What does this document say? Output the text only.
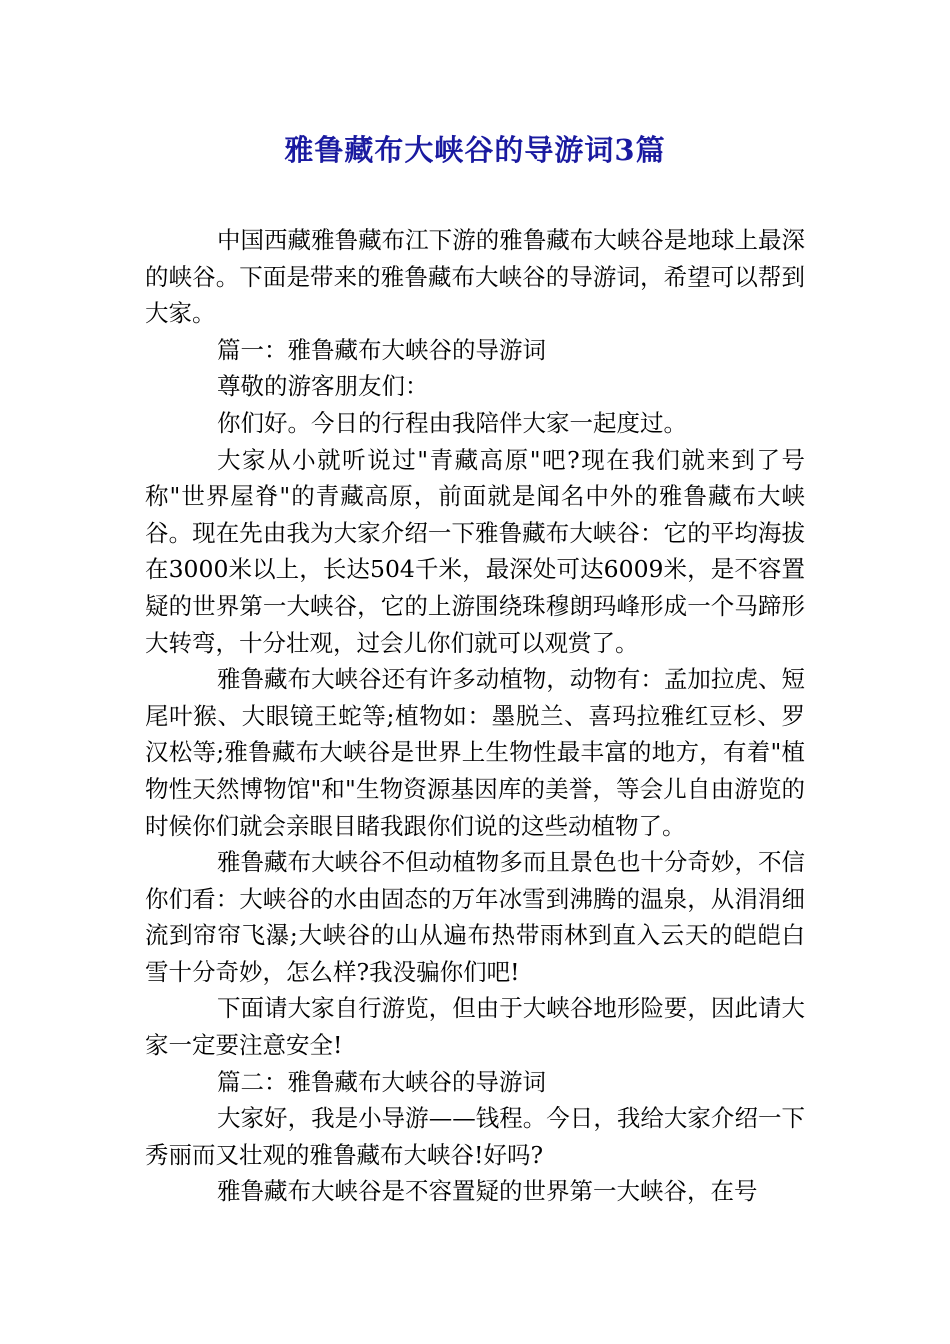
雅鲁藏布大峡谷的导游词3篇

中国西藏雅鲁藏布江下游的雅鲁藏布大峡谷是地球上最深的峡谷。下面是带来的雅鲁藏布大峡谷的导游词，希望可以帮到大家。

篇一：雅鲁藏布大峡谷的导游词

尊敬的游客朋友们：

你们好。今日的行程由我陪伴大家一起度过。

大家从小就听说过"青藏高原"吧?现在我们就来到了号称"世界屋脊"的青藏高原，前面就是闻名中外的雅鲁藏布大峡谷。现在先由我为大家介绍一下雅鲁藏布大峡谷：它的平均海拔在3000米以上，长达504千米，最深处可达6009米，是不容置疑的世界第一大峡谷，它的上游围绕珠穆朗玛峰形成一个马蹄形大转弯，十分壮观，过会儿你们就可以观赏了。

雅鲁藏布大峡谷还有许多动植物，动物有：孟加拉虎、短尾叶猴、大眼镜王蛇等;植物如：墨脱兰、喜玛拉雅红豆杉、罗汉松等;雅鲁藏布大峡谷是世界上生物性最丰富的地方，有着"植物性天然博物馆"和"生物资源基因库的美誉，等会儿自由游览的时候你们就会亲眼目睹我跟你们说的这些动植物了。

雅鲁藏布大峡谷不但动植物多而且景色也十分奇妙，不信你们看：大峡谷的水由固态的万年冰雪到沸腾的温泉，从涓涓细流到帘帘飞瀑;大峡谷的山从遍布热带雨林到直入云天的皑皑白雪十分奇妙，怎么样?我没骗你们吧!

下面请大家自行游览，但由于大峡谷地形险要，因此请大家一定要注意安全!

篇二：雅鲁藏布大峡谷的导游词

大家好，我是小导游——钱程。今日，我给大家介绍一下秀丽而又壮观的雅鲁藏布大峡谷!好吗?

雅鲁藏布大峡谷是不容置疑的世界第一大峡谷，在号
